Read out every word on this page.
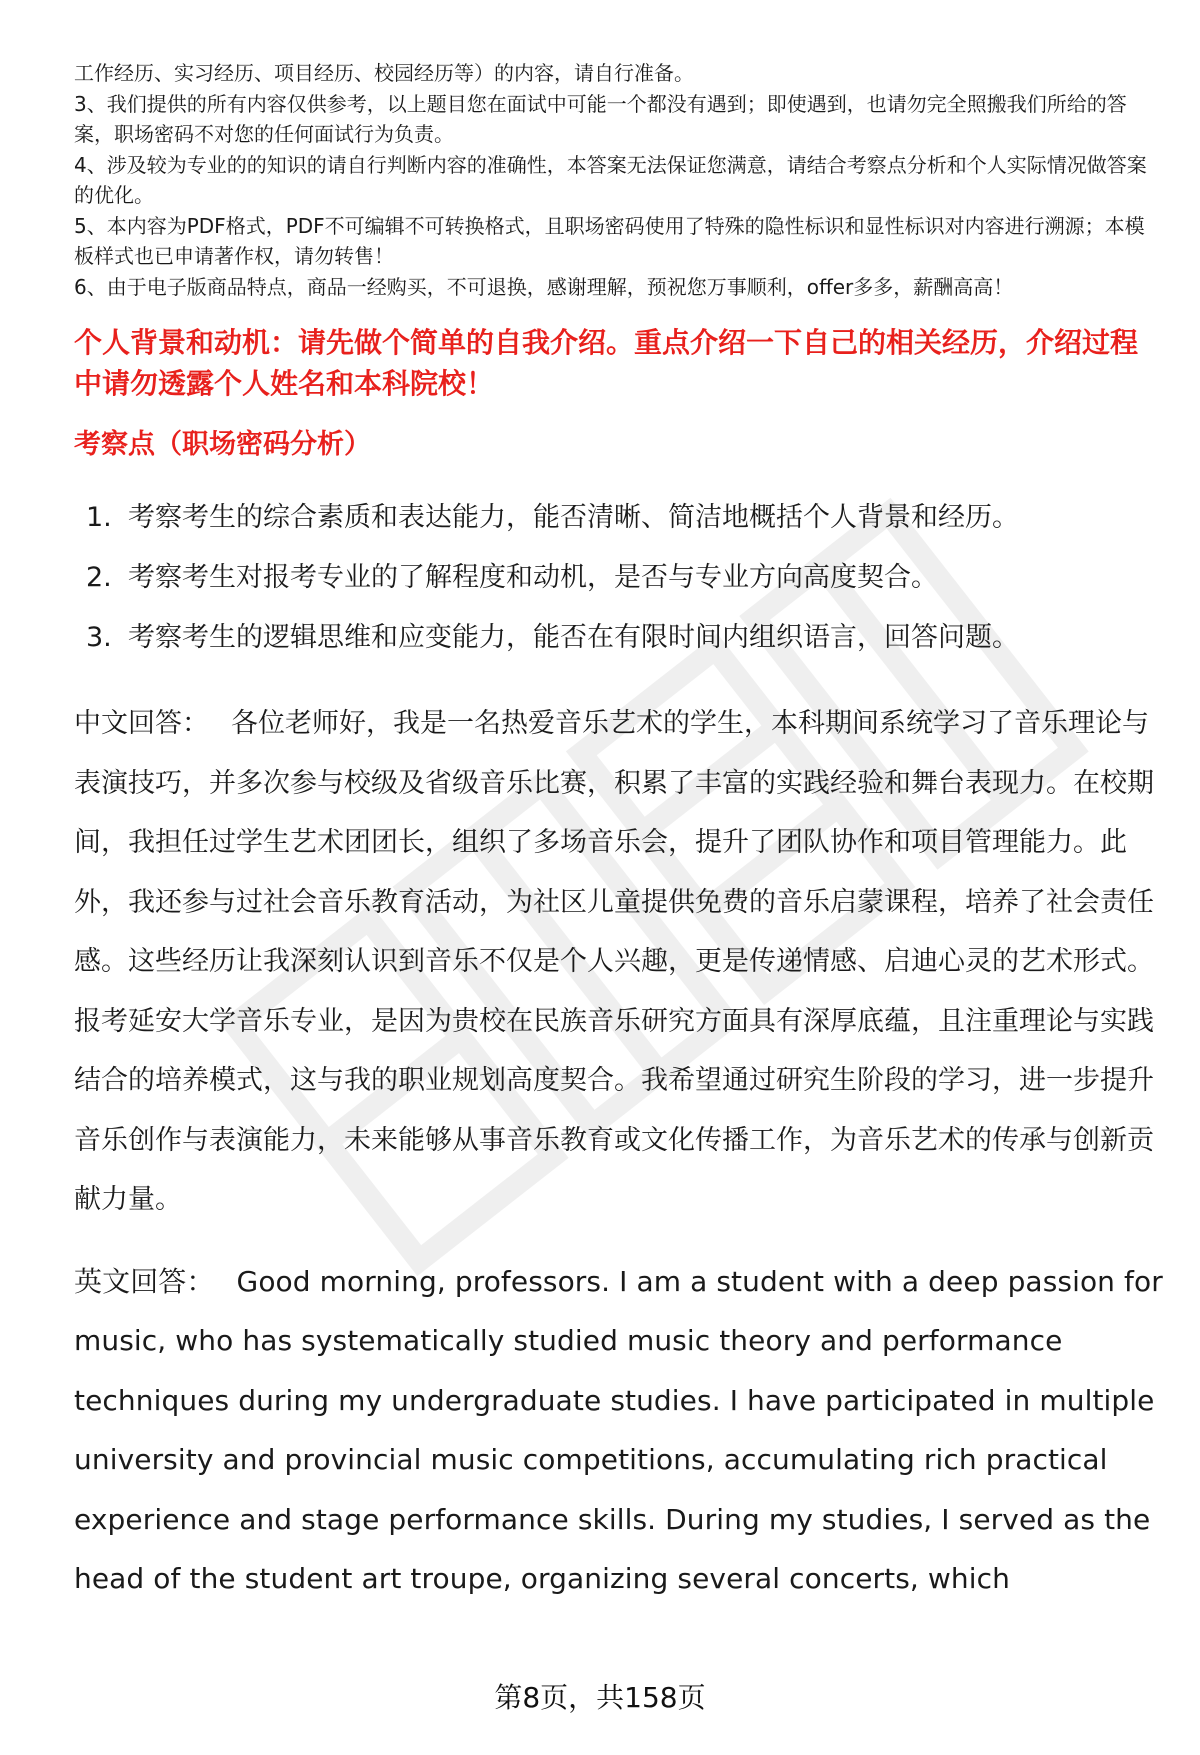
工作经历、实习经历、项目经历、校园经历等）的内容，请自行准备。

3、我们提供的所有内容仅供参考，以上题目您在面试中可能一个都没有遇到；即使遇到，也请勿完全照搬我们所给的答案，职场密码不对您的任何面试行为负责。

4、涉及较为专业的的知识的请自行判断内容的准确性，本答案无法保证您满意，请结合考察点分析和个人实际情况做答案的优化。

5、本内容为PDF格式，PDF不可编辑不可转换格式，且职场密码使用了特殊的隐性标识和显性标识对内容进行溯源；本模板样式也已申请著作权，请勿转售！

6、由于电子版商品特点，商品一经购买，不可退换，感谢理解，预祝您万事顺利，offer多多，薪酬高高！

个人背景和动机：请先做个简单的自我介绍。重点介绍一下自己的相关经历，介绍过程中请勿透露个人姓名和本科院校！
考察点（职场密码分析）
1. 考察考生的综合素质和表达能力，能否清晰、简洁地概括个人背景和经历。
2. 考察考生对报考专业的了解程度和动机，是否与专业方向高度契合。
3. 考察考生的逻辑思维和应变能力，能否在有限时间内组织语言，回答问题。
中文回答： 各位老师好，我是一名热爱音乐艺术的学生，本科期间系统学习了音乐理论与表演技巧，并多次参与校级及省级音乐比赛，积累了丰富的实践经验和舞台表现力。在校期间，我担任过学生艺术团团长，组织了多场音乐会，提升了团队协作和项目管理能力。此外，我还参与过社会音乐教育活动，为社区儿童提供免费的音乐启蒙课程，培养了社会责任感。这些经历让我深刻认识到音乐不仅是个人兴趣，更是传递情感、启迪心灵的艺术形式。报考延安大学音乐专业，是因为贵校在民族音乐研究方面具有深厚底蕴，且注重理论与实践结合的培养模式，这与我的职业规划高度契合。我希望通过研究生阶段的学习，进一步提升音乐创作与表演能力，未来能够从事音乐教育或文化传播工作，为音乐艺术的传承与创新贡献力量。
英文回答： Good morning, professors. I am a student with a deep passion for music, who has systematically studied music theory and performance techniques during my undergraduate studies. I have participated in multiple university and provincial music competitions, accumulating rich practical experience and stage performance skills. During my studies, I served as the head of the student art troupe, organizing several concerts, which
第8页，共158页
